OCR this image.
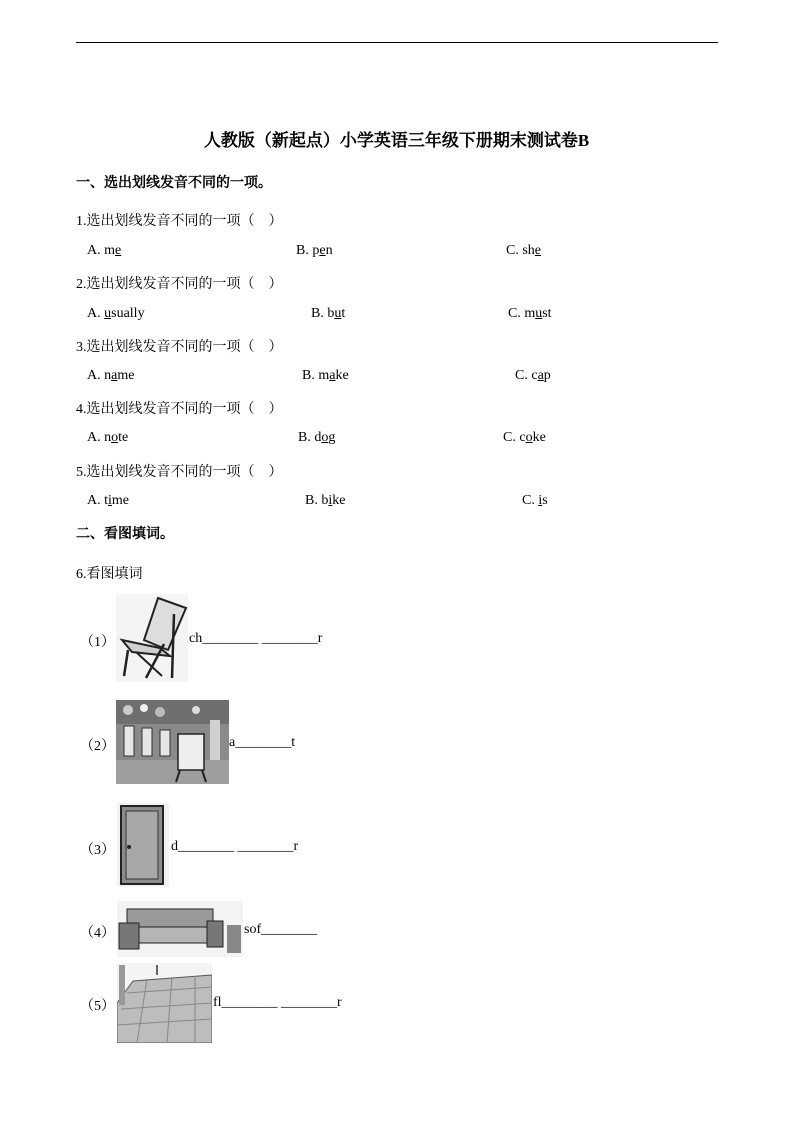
人教版（新起点）小学英语三年级下册期末测试卷B
一、选出划线发音不同的一项。
1.选出划线发音不同的一项（　）
A. me	B. pen	C. she
2.选出划线发音不同的一项（　）
A. usually	B. but	C. must
3.选出划线发音不同的一项（　）
A. name	B. make	C. cap
4.选出划线发音不同的一项（　）
A. note	B. dog	C. coke
5.选出划线发音不同的一项（　）
A. time	B. bike	C. is
二、看图填词。
6.看图填词
（1）	ch________ ________r
（2）	a________t
（3）	d________ ________r
（4）	sof________
（5）	fl________ ________r
